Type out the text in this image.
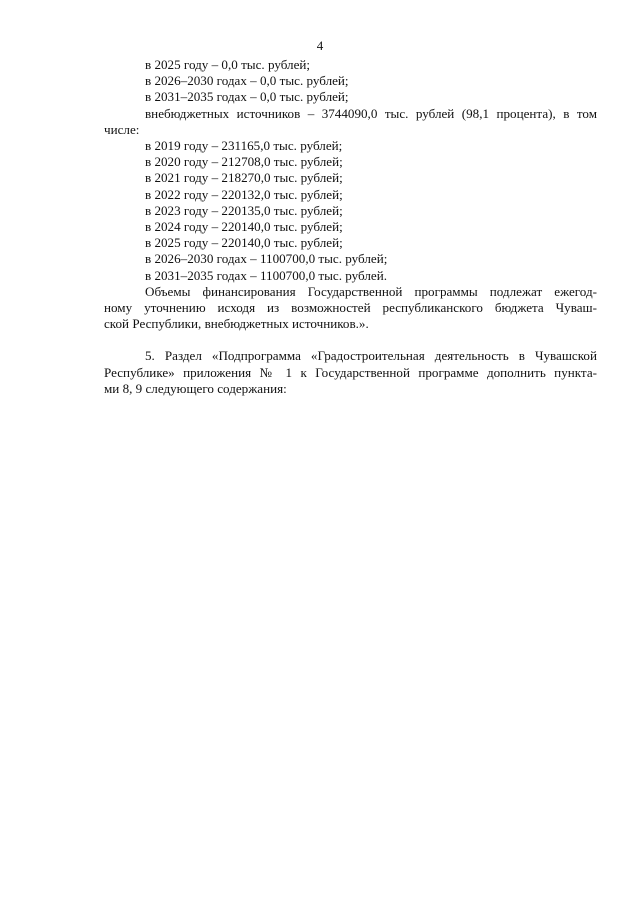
4
в 2025 году – 0,0 тыс. рублей;
в 2026–2030 годах – 0,0 тыс. рублей;
в 2031–2035 годах – 0,0 тыс. рублей;
внебюджетных источников – 3744090,0 тыс. рублей (98,1 процента), в том
числе:
в 2019 году – 231165,0 тыс. рублей;
в 2020 году – 212708,0 тыс. рублей;
в 2021 году – 218270,0 тыс. рублей;
в 2022 году – 220132,0 тыс. рублей;
в 2023 году – 220135,0 тыс. рублей;
в 2024 году – 220140,0 тыс. рублей;
в 2025 году – 220140,0 тыс. рублей;
в 2026–2030 годах – 1100700,0 тыс. рублей;
в 2031–2035 годах – 1100700,0 тыс. рублей.
Объемы финансирования Государственной программы подлежат ежегод-
ному уточнению исходя из возможностей республиканского бюджета Чуваш-
ской Республики, внебюджетных источников.».
5. Раздел «Подпрограмма «Градостроительная деятельность в Чувашской
Республике» приложения № 1 к Государственной программе дополнить пункта-
ми 8, 9 следующего содержания:
